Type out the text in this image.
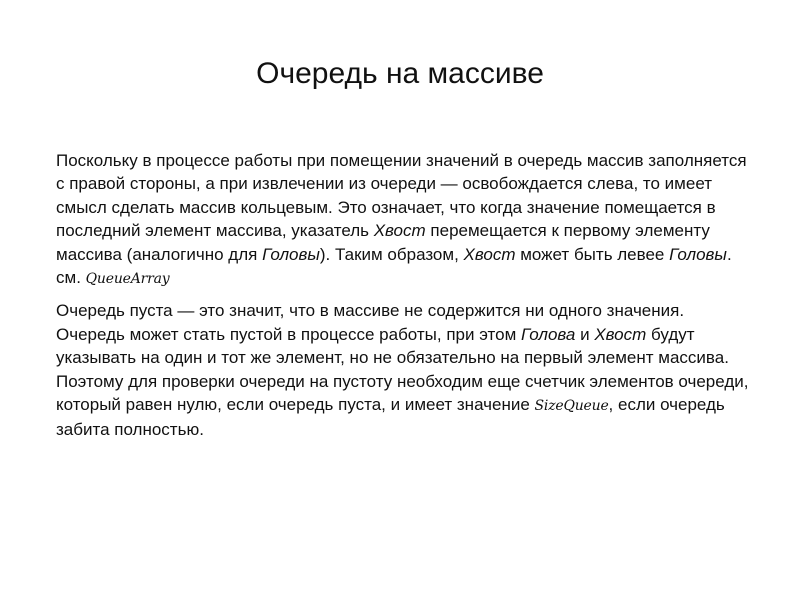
Очередь на массиве

Поскольку в процессе работы при помещении значений в очередь массив заполняется с правой стороны, а при извлечении из очереди — освобождается слева, то имеет смысл сделать массив кольцевым. Это означает, что когда значение помещается в последний элемент массива, указатель Хвост перемещается к первому элементу массива (аналогично для Головы). Таким образом, Хвост может быть левее Головы. см. QueueArray

Очередь пуста — это значит, что в массиве не содержится ни одного значения. Очередь может стать пустой в процессе работы, при этом Голова и Хвост будут указывать на один и тот же элемент, но не обязательно на первый элемент массива. Поэтому для проверки очереди на пустоту необходим еще счетчик элементов очереди, который равен нулю, если очередь пуста, и имеет значение SizeQueue, если очередь забита полностью.
